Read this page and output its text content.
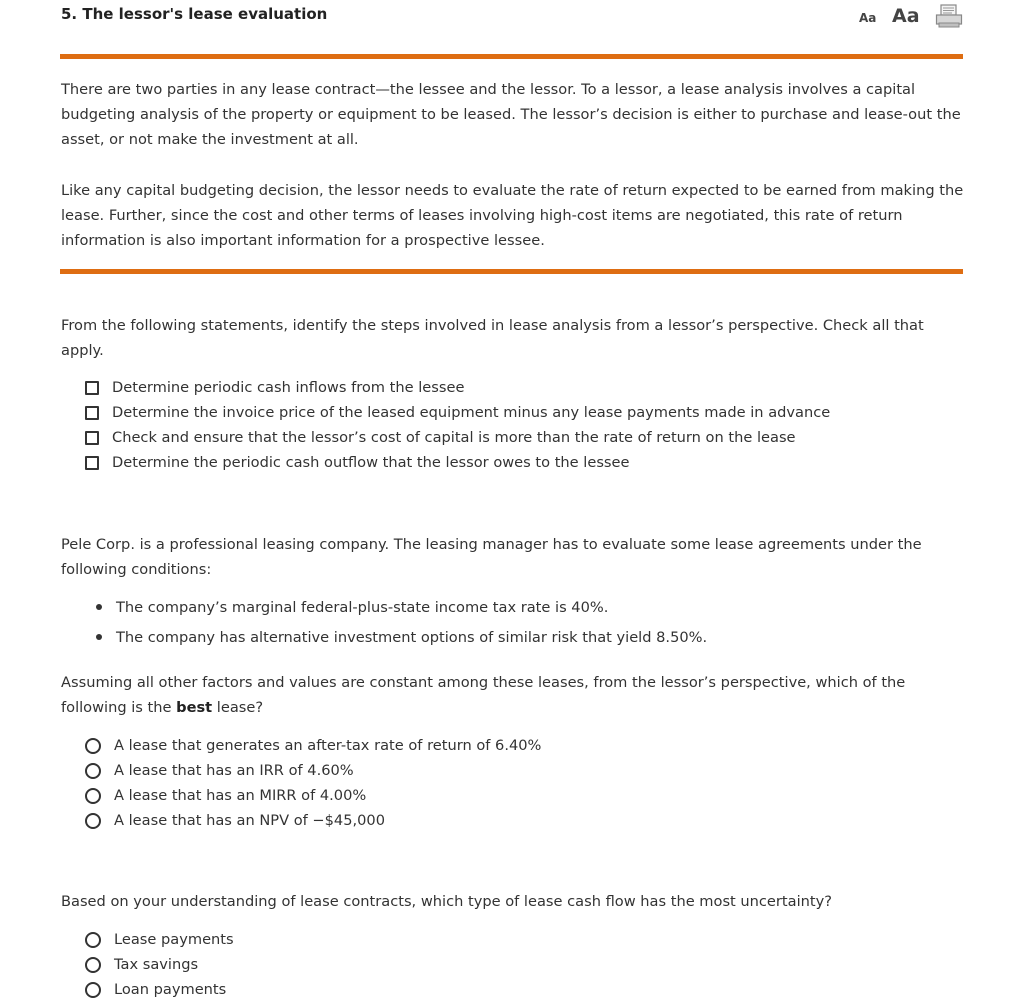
5. The lessor's lease evaluation	Aa Aa

There are two parties in any lease contract—the lessee and the lessor. To a lessor, a lease analysis involves a capital budgeting analysis of the property or equipment to be leased. The lessor’s decision is either to purchase and lease-out the asset, or not make the investment at all.

Like any capital budgeting decision, the lessor needs to evaluate the rate of return expected to be earned from making the lease. Further, since the cost and other terms of leases involving high-cost items are negotiated, this rate of return information is also important information for a prospective lessee.

From the following statements, identify the steps involved in lease analysis from a lessor’s perspective. Check all that apply.

Determine periodic cash inflows from the lessee
Determine the invoice price of the leased equipment minus any lease payments made in advance
Check and ensure that the lessor’s cost of capital is more than the rate of return on the lease
Determine the periodic cash outflow that the lessor owes to the lessee

Pele Corp. is a professional leasing company. The leasing manager has to evaluate some lease agreements under the following conditions:

The company’s marginal federal-plus-state income tax rate is 40%.
The company has alternative investment options of similar risk that yield 8.50%.

Assuming all other factors and values are constant among these leases, from the lessor’s perspective, which of the following is the best lease?

A lease that generates an after-tax rate of return of 6.40%
A lease that has an IRR of 4.60%
A lease that has an MIRR of 4.00%
A lease that has an NPV of −$45,000

Based on your understanding of lease contracts, which type of lease cash flow has the most uncertainty?

Lease payments
Tax savings
Loan payments
